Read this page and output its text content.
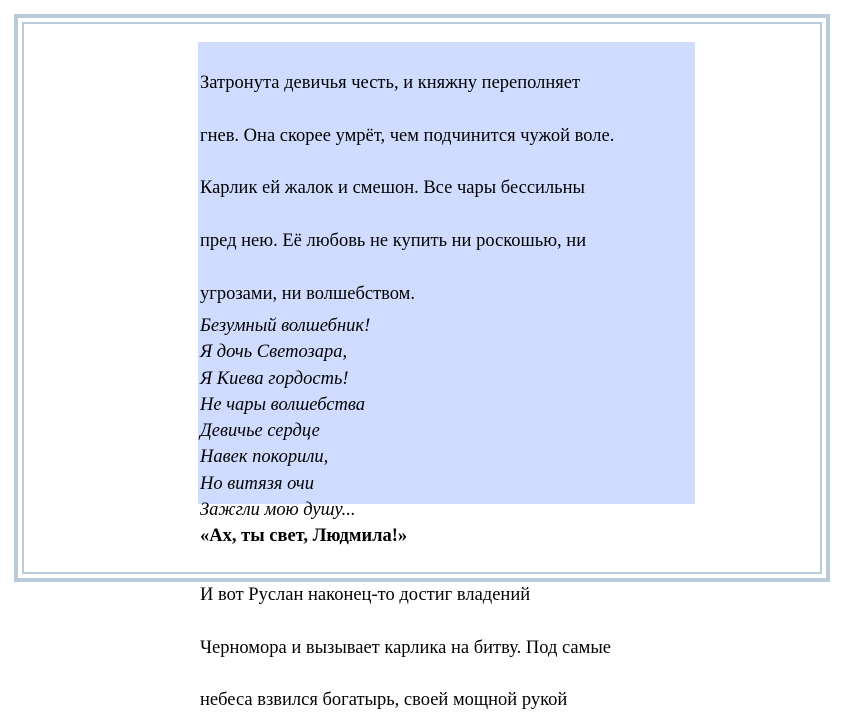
Затронута девичья честь, и княжну переполняет

гнев. Она скорее умрёт, чем подчинится чужой воле.

Карлик ей жалок и смешон. Все чары бессильны

пред нею. Её любовь не купить ни роскошью, ни

угрозами, ни волшебством.

Безумный волшебник!
Я дочь Светозара,
Я Киева гордость!
Не чары волшебства
Девичье сердце
Навек покорили,
Но витязя очи
Зажгли мою душу...
«Ах, ты свет, Людмила!»

И вот Руслан наконец-то достиг владений

Черномора и вызывает карлика на битву. Под самые

небеса взвился богатырь, своей мощной рукой
